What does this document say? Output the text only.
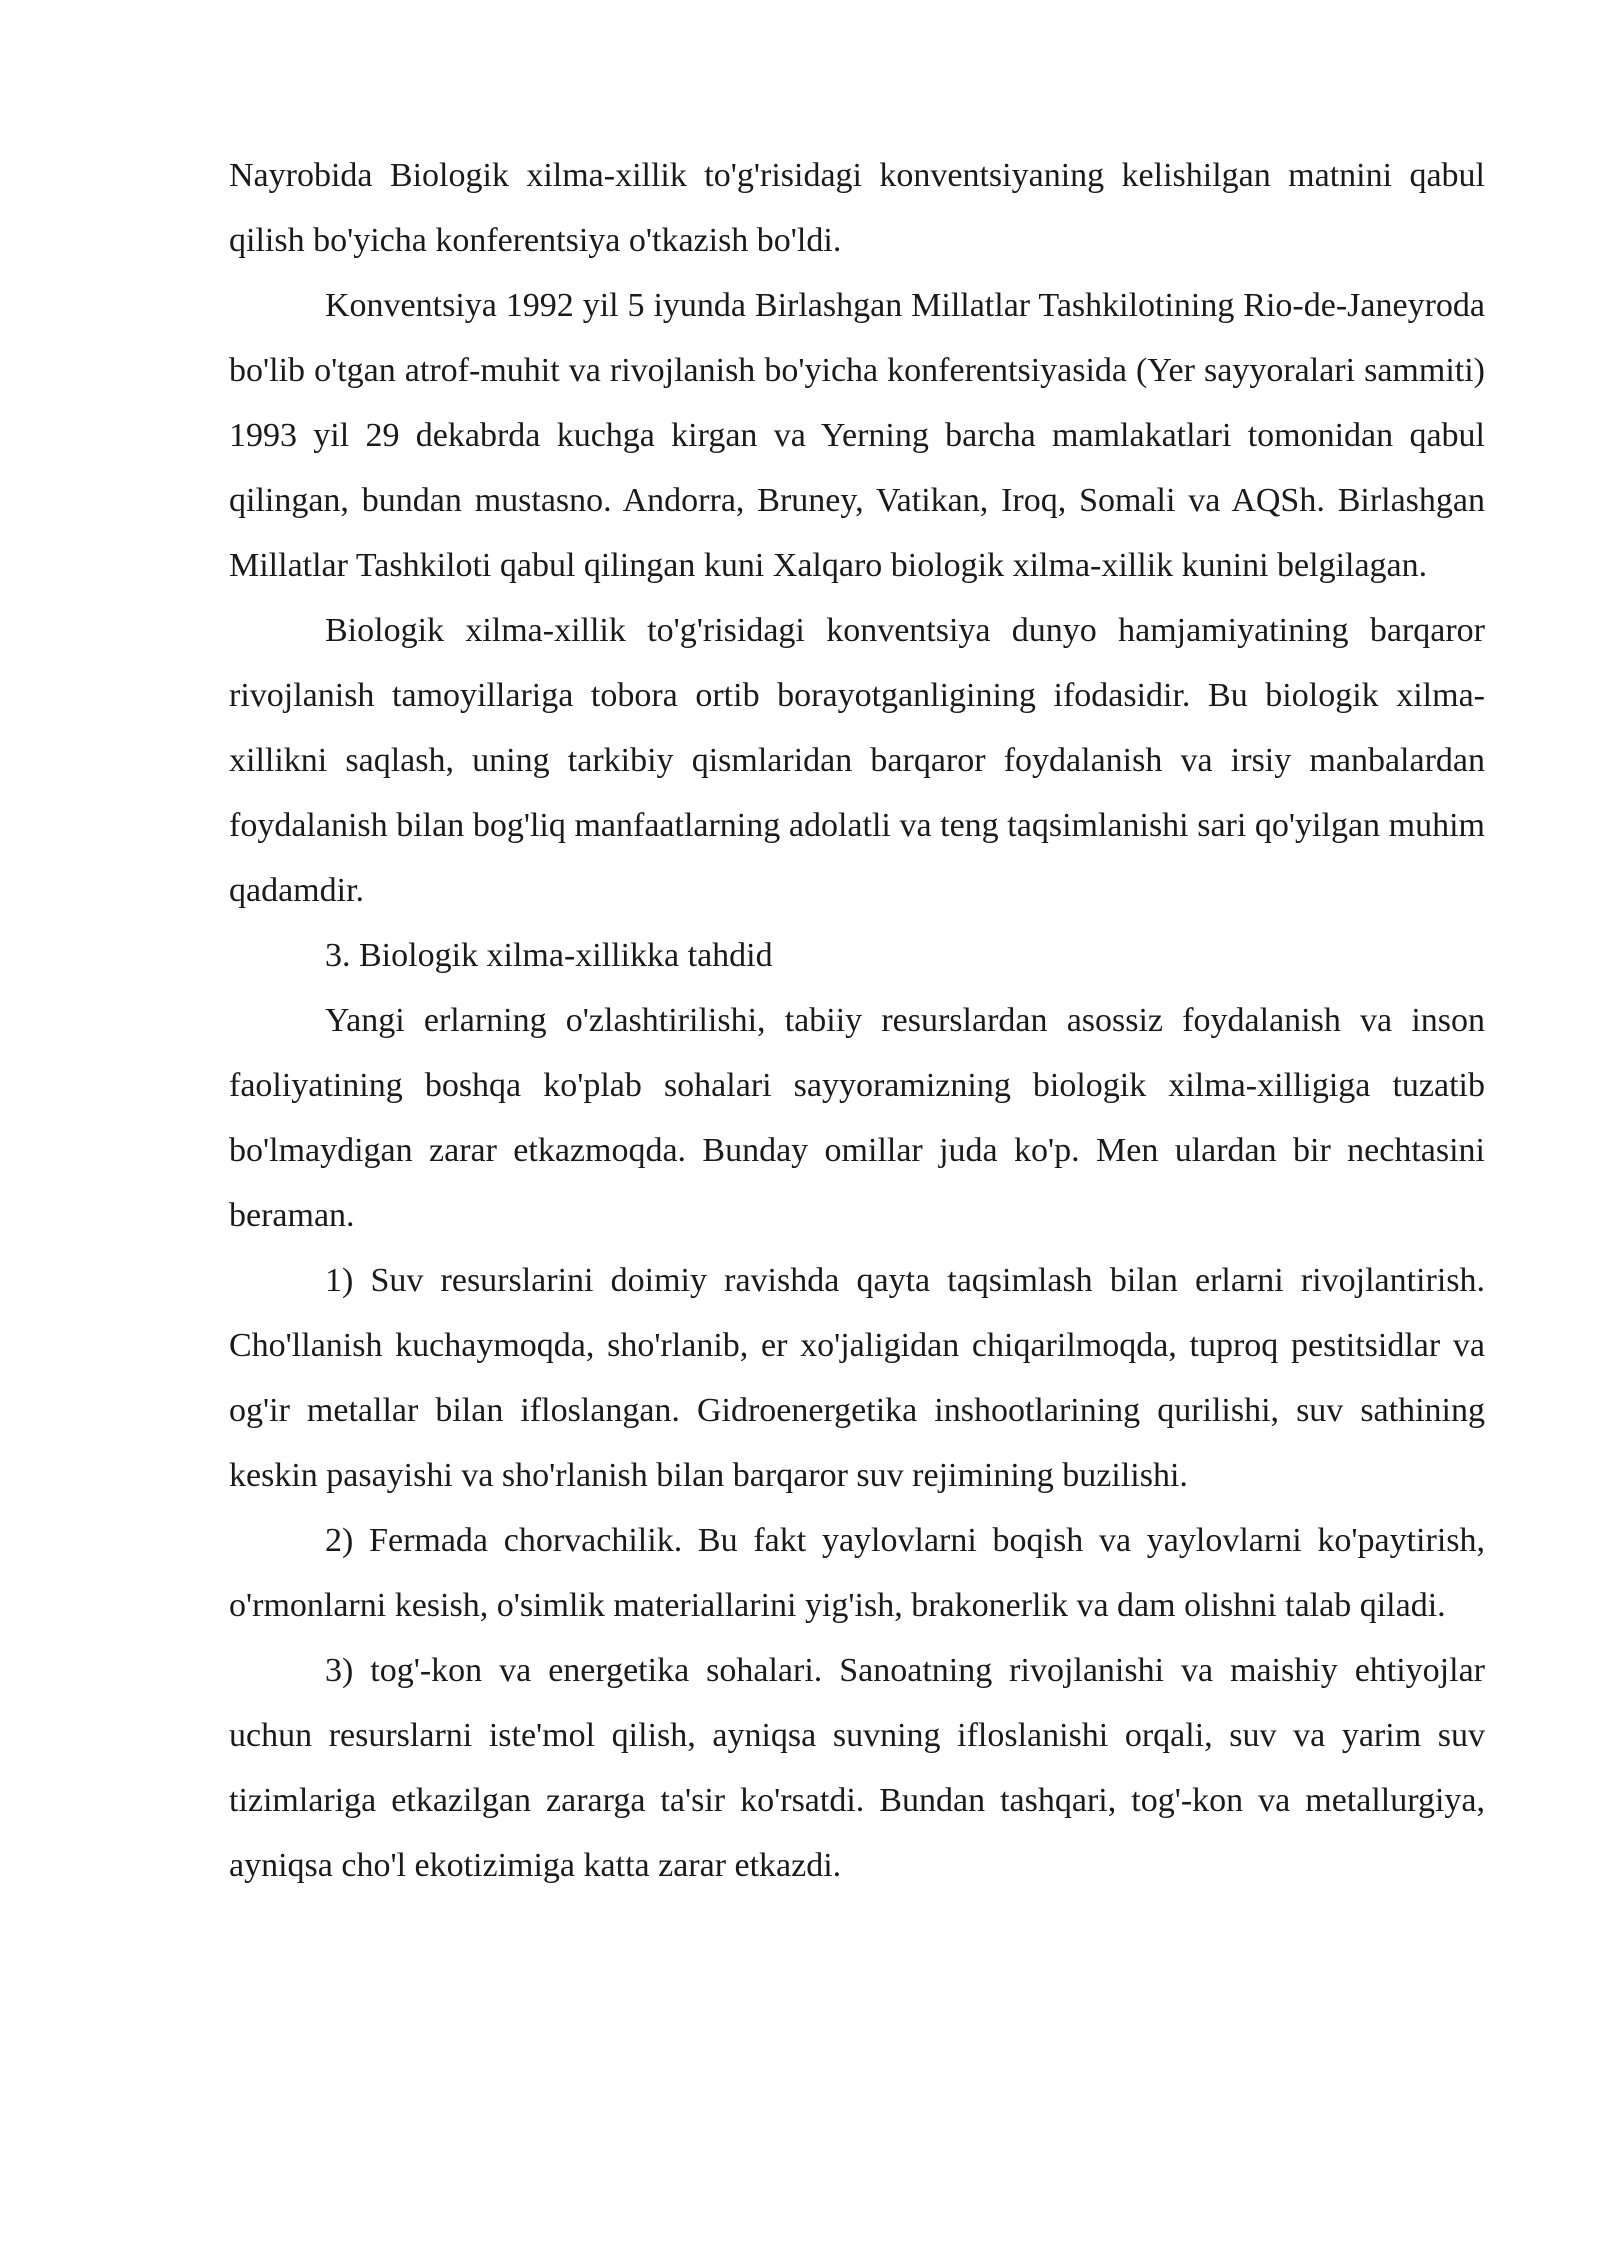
Nayrobida Biologik xilma-xillik to'g'risidagi konventsiyaning kelishilgan matnini qabul qilish bo'yicha konferentsiya o'tkazish bo'ldi.

Konventsiya 1992 yil 5 iyunda Birlashgan Millatlar Tashkilotining Rio-de-Janeyroda bo'lib o'tgan atrof-muhit va rivojlanish bo'yicha konferentsiyasida (Yer sayyoralari sammiti) 1993 yil 29 dekabrda kuchga kirgan va Yerning barcha mamlakatlari tomonidan qabul qilingan, bundan mustasno. Andorra, Bruney, Vatikan, Iroq, Somali va AQSh. Birlashgan Millatlar Tashkiloti qabul qilingan kuni Xalqaro biologik xilma-xillik kunini belgilagan.

Biologik xilma-xillik to'g'risidagi konventsiya dunyo hamjamiyatining barqaror rivojlanish tamoyillariga tobora ortib borayotganligining ifodasidir. Bu biologik xilma-xillikni saqlash, uning tarkibiy qismlaridan barqaror foydalanish va irsiy manbalardan foydalanish bilan bog'liq manfaatlarning adolatli va teng taqsimlanishi sari qo'yilgan muhim qadamdir.

3. Biologik xilma-xillikka tahdid

Yangi erlarning o'zlashtirilishi, tabiiy resurslardan asossiz foydalanish va inson faoliyatining boshqa ko'plab sohalari sayyoramizning biologik xilma-xilligiga tuzatib bo'lmaydigan zarar etkazmoqda. Bunday omillar juda ko'p. Men ulardan bir nechtasini beraman.

1) Suv resurslarini doimiy ravishda qayta taqsimlash bilan erlarni rivojlantirish. Cho'llanish kuchaymoqda, sho'rlanib, er xo'jaligidan chiqarilmoqda, tuproq pestitsidlar va og'ir metallar bilan ifloslangan. Gidroenergetika inshootlarining qurilishi, suv sathining keskin pasayishi va sho'rlanish bilan barqaror suv rejimining buzilishi.

2) Fermada chorvachilik. Bu fakt yaylovlarni boqish va yaylovlarni ko'paytirish, o'rmonlarni kesish, o'simlik materiallarini yig'ish, brakonerlik va dam olishni talab qiladi.

3) tog'-kon va energetika sohalari. Sanoatning rivojlanishi va maishiy ehtiyojlar uchun resurslarni iste'mol qilish, ayniqsa suvning ifloslanishi orqali, suv va yarim suv tizimlariga etkazilgan zararga ta'sir ko'rsatdi. Bundan tashqari, tog'-kon va metallurgiya, ayniqsa cho'l ekotizimiga katta zarar etkazdi.
